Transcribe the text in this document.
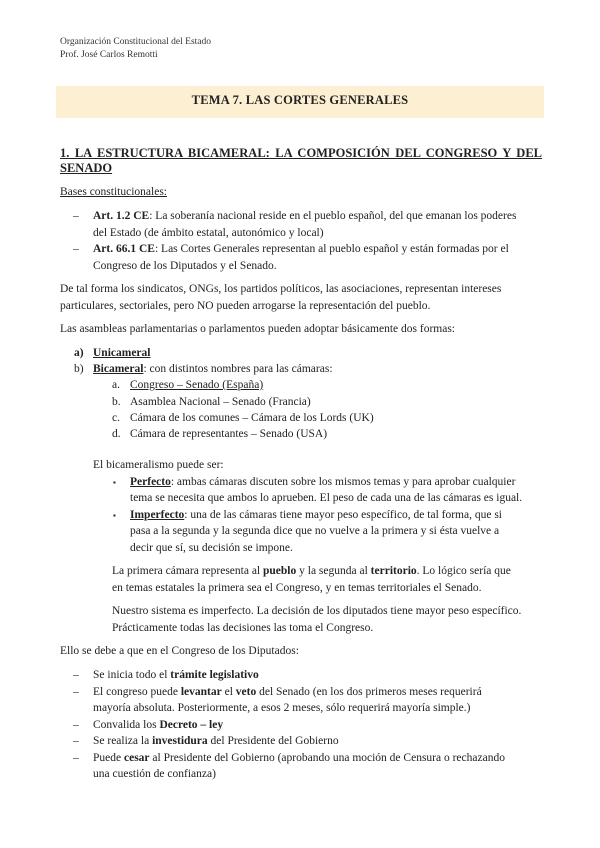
Organización Constitucional del Estado
Prof. José Carlos Remotti
TEMA 7. LAS CORTES GENERALES
1. LA ESTRUCTURA BICAMERAL: LA COMPOSICIÓN DEL CONGRESO Y DEL SENADO
Bases constitucionales:
– Art. 1.2 CE: La soberanía nacional reside en el pueblo español, del que emanan los poderes
del Estado (de ámbito estatal, autonómico y local)
– Art. 66.1 CE: Las Cortes Generales representan al pueblo español y están formadas por el
Congreso de los Diputados y el Senado.
De tal forma los sindicatos, ONGs, los partidos políticos, las asociaciones, representan intereses
particulares, sectoriales, pero NO pueden arrogarse la representación del pueblo.
Las asambleas parlamentarias o parlamentos pueden adoptar básicamente dos formas:
a) Unicameral
b) Bicameral: con distintos nombres para las cámaras:
a. Congreso – Senado (España)
b. Asamblea Nacional – Senado (Francia)
c. Cámara de los comunes – Cámara de los Lords (UK)
d. Cámara de representantes – Senado (USA)
El bicameralismo puede ser:
▪ Perfecto: ambas cámaras discuten sobre los mismos temas y para aprobar cualquier
tema se necesita que ambos lo aprueben. El peso de cada una de las cámaras es igual.
▪ Imperfecto: una de las cámaras tiene mayor peso específico, de tal forma, que si
pasa a la segunda y la segunda dice que no vuelve a la primera y si ésta vuelve a
decir que sí, su decisión se impone.
La primera cámara representa al pueblo y la segunda al territorio. Lo lógico sería que
en temas estatales la primera sea el Congreso, y en temas territoriales el Senado.
Nuestro sistema es imperfecto. La decisión de los diputados tiene mayor peso específico.
Prácticamente todas las decisiones las toma el Congreso.
Ello se debe a que en el Congreso de los Diputados:
– Se inicia todo el trámite legislativo
– El congreso puede levantar el veto del Senado (en los dos primeros meses requerirá
mayoría absoluta. Posteriormente, a esos 2 meses, sólo requerirá mayoría simple.)
– Convalida los Decreto – ley
– Se realiza la investidura del Presidente del Gobierno
– Puede cesar al Presidente del Gobierno (aprobando una moción de Censura o rechazando
una cuestión de confianza)
